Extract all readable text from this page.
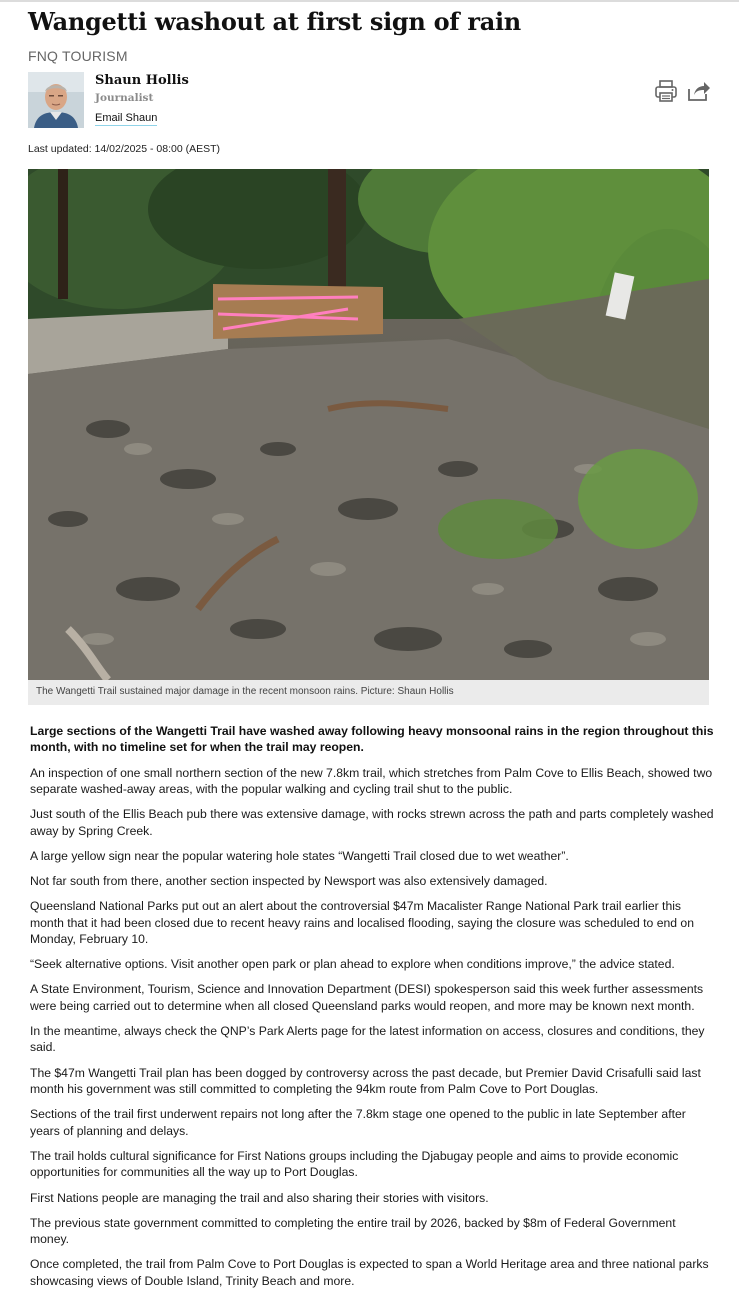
Wangetti washout at first sign of rain
FNQ TOURISM
Shaun Hollis
Journalist
Email Shaun
Last updated: 14/02/2025 - 08:00 (AEST)
The Wangetti Trail sustained major damage in the recent monsoon rains. Picture: Shaun Hollis

Large sections of the Wangetti Trail have washed away following heavy monsoonal rains in the region throughout this month, with no timeline set for when the trail may reopen.

An inspection of one small northern section of the new 7.8km trail, which stretches from Palm Cove to Ellis Beach, showed two separate washed-away areas, with the popular walking and cycling trail shut to the public.

Just south of the Ellis Beach pub there was extensive damage, with rocks strewn across the path and parts completely washed away by Spring Creek.

A large yellow sign near the popular watering hole states “Wangetti Trail closed due to wet weather”.

Not far south from there, another section inspected by Newsport was also extensively damaged.

Queensland National Parks put out an alert about the controversial $47m Macalister Range National Park trail earlier this month that it had been closed due to recent heavy rains and localised flooding, saying the closure was scheduled to end on Monday, February 10.

“Seek alternative options. Visit another open park or plan ahead to explore when conditions improve,” the advice stated.

A State Environment, Tourism, Science and Innovation Department (DESI) spokesperson said this week further assessments were being carried out to determine when all closed Queensland parks would reopen, and more may be known next month.

In the meantime, always check the QNP’s Park Alerts page for the latest information on access, closures and conditions, they said.

The $47m Wangetti Trail plan has been dogged by controversy across the past decade, but Premier David Crisafulli said last month his government was still committed to completing the 94km route from Palm Cove to Port Douglas.

Sections of the trail first underwent repairs not long after the 7.8km stage one opened to the public in late September after years of planning and delays.

The trail holds cultural significance for First Nations groups including the Djabugay people and aims to provide economic opportunities for communities all the way up to Port Douglas.

First Nations people are managing the trail and also sharing their stories with visitors.

The previous state government committed to completing the entire trail by 2026, backed by $8m of Federal Government money.

Once completed, the trail from Palm Cove to Port Douglas is expected to span a World Heritage area and three national parks showcasing views of Double Island, Trinity Beach and more.
